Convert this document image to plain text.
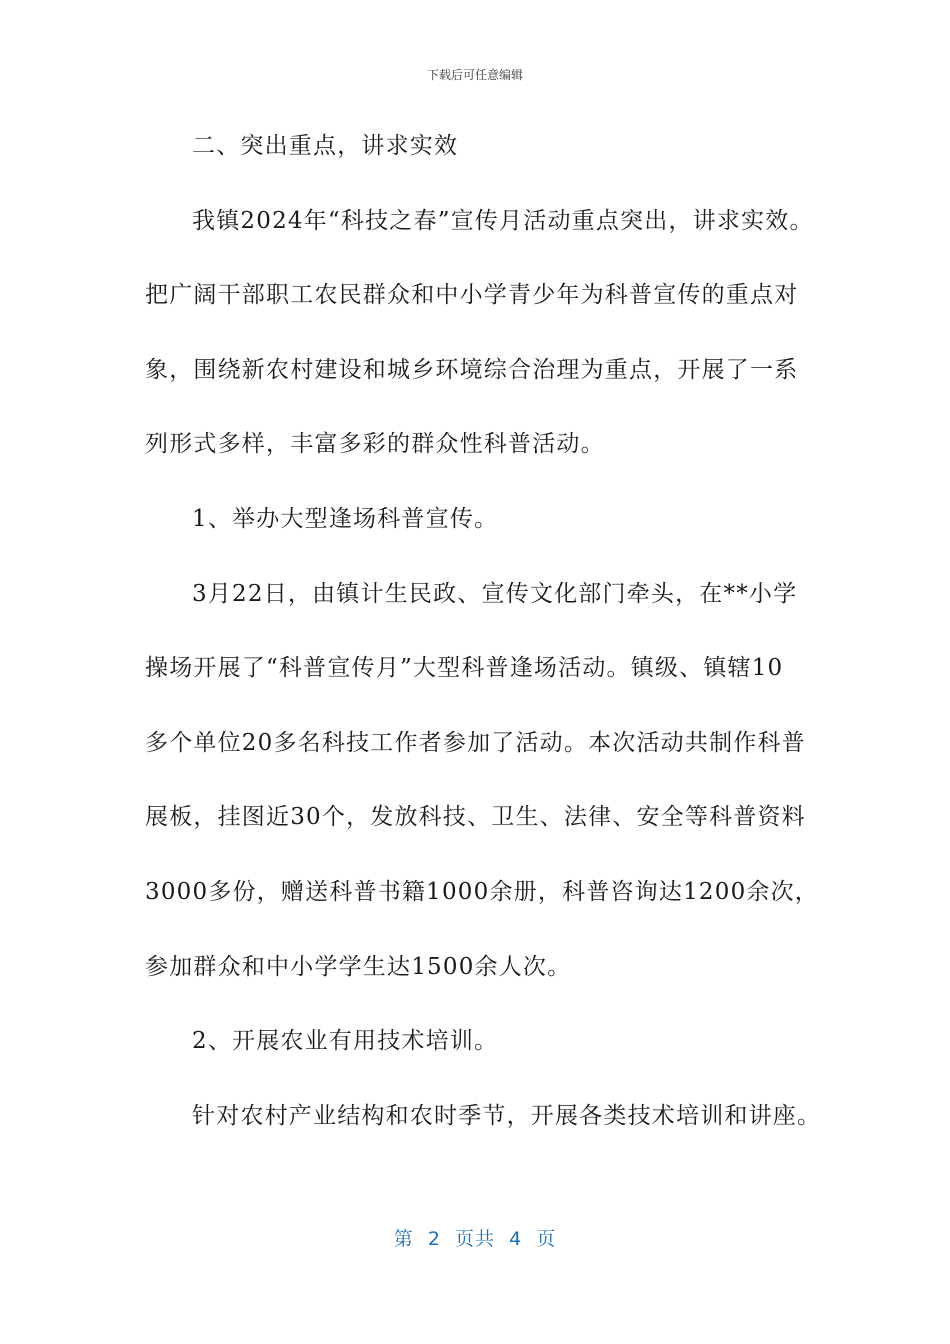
下载后可任意编辑
二、突出重点，讲求实效
我镇2024年“科技之春”宣传月活动重点突出，讲求实效。
把广阔干部职工农民群众和中小学青少年为科普宣传的重点对
象，围绕新农村建设和城乡环境综合治理为重点，开展了一系
列形式多样，丰富多彩的群众性科普活动。
1、举办大型逢场科普宣传。
3月22日，由镇计生民政、宣传文化部门牵头，在**小学
操场开展了“科普宣传月”大型科普逢场活动。镇级、镇辖10
多个单位20多名科技工作者参加了活动。本次活动共制作科普
展板，挂图近30个，发放科技、卫生、法律、安全等科普资料
3000多份，赠送科普书籍1000余册，科普咨询达1200余次，
参加群众和中小学学生达1500余人次。
2、开展农业有用技术培训。
针对农村产业结构和农时季节，开展各类技术培训和讲座。
第  2  页共  4  页
